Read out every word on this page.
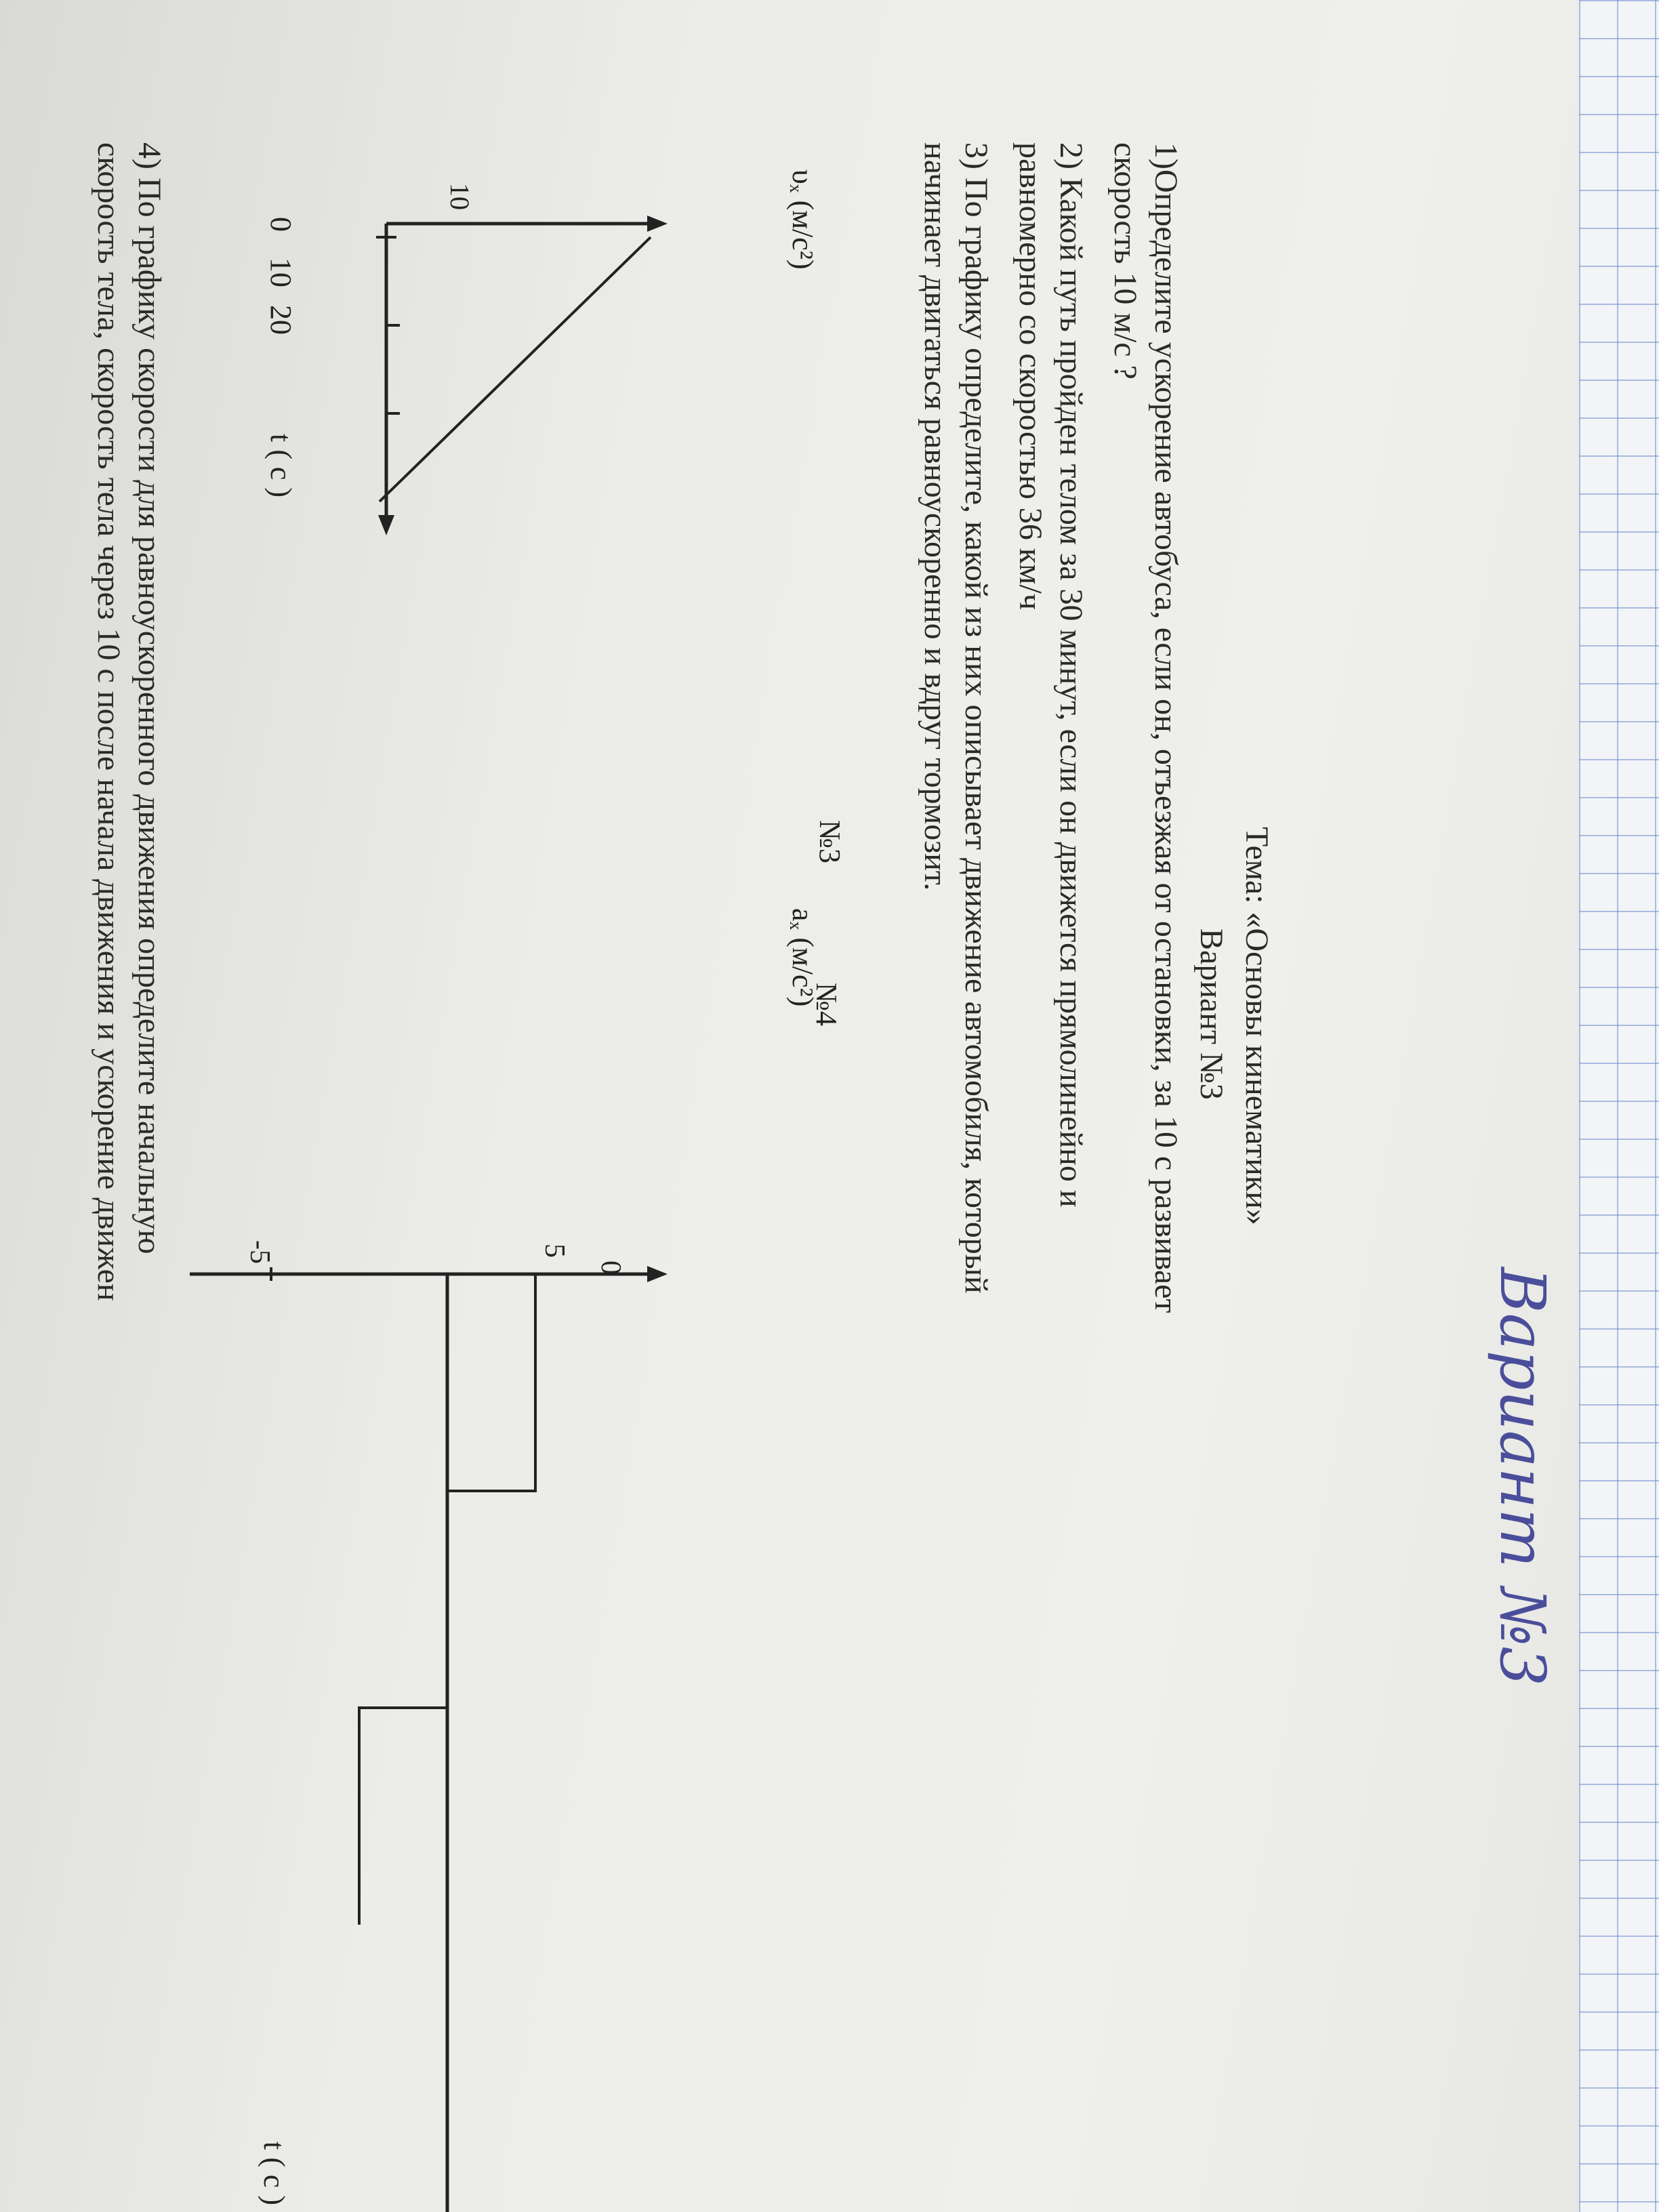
Вариант №3
Тема: «Основы кинематики»
Вариант №3
1)Определите ускорение автобуса, если он, отъезжая от остановки, за 10 с развивает
скорость 10 м/с ?
2) Какой путь пройден телом за 30 минут, если он движется прямолинейно и
равномерно со скоростью 36 км/ч
3) По графику определите, какой из них описывает движение автомобиля, который
начинает двигаться равноускоренно и вдруг тормозит.
№3
υₓ (м/с²)
10
0
10
20
t ( c )
№4
aₓ (м/с²)
5
0
-5
t ( c )
4) По графику скорости для равноускоренного движения определите начальную
скорость тела, скорость тела через 10 с после начала движения и ускорение движен
